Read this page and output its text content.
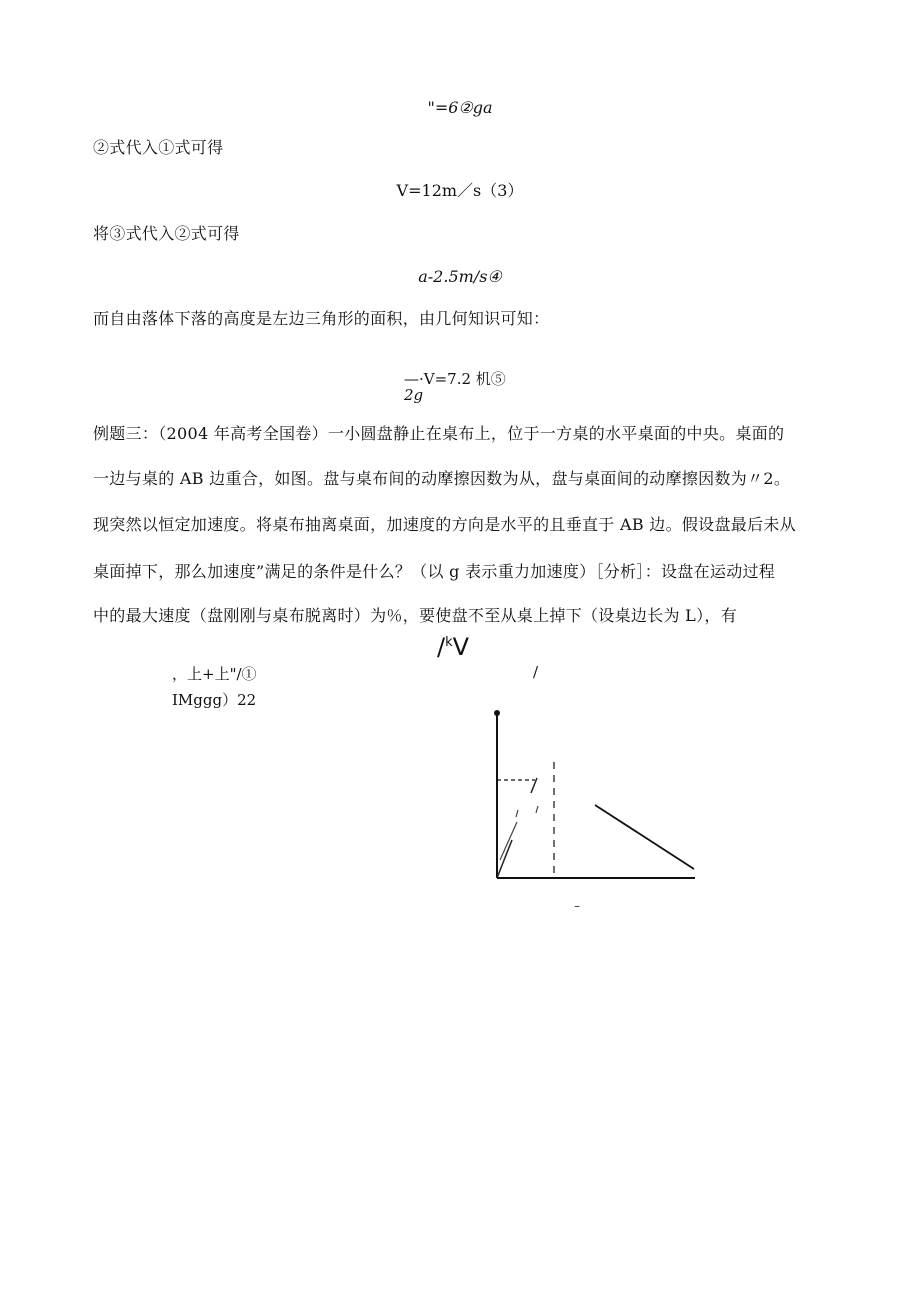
"=6②ga
②式代入①式可得
V=12m／s（3）
将③式代入②式可得
a-2.5m/s④
而自由落体下落的高度是左边三角形的面积，由几何知识可知：
—·V=7.2 机⑤
2g
例题三：（2004 年高考全国卷）一小圆盘静止在桌布上，位于一方桌的水平桌面的中央。桌面的
一边与桌的 AB 边重合，如图。盘与桌布间的动摩擦因数为从，盘与桌面间的动摩擦因数为〃2。
现突然以恒定加速度。将桌布抽离桌面，加速度的方向是水平的且垂直于 AB 边。假设盘最后未从
桌面掉下，那么加速度”满足的条件是什么？（以 g 表示重力加速度）［分析］：设盘在运动过程
中的最大速度（盘刚刚与桌布脱离时）为％，要使盘不至从桌上掉下（设桌边长为 L），有
/$^k$V
，上+上"/①
IMggg）22
/
–
